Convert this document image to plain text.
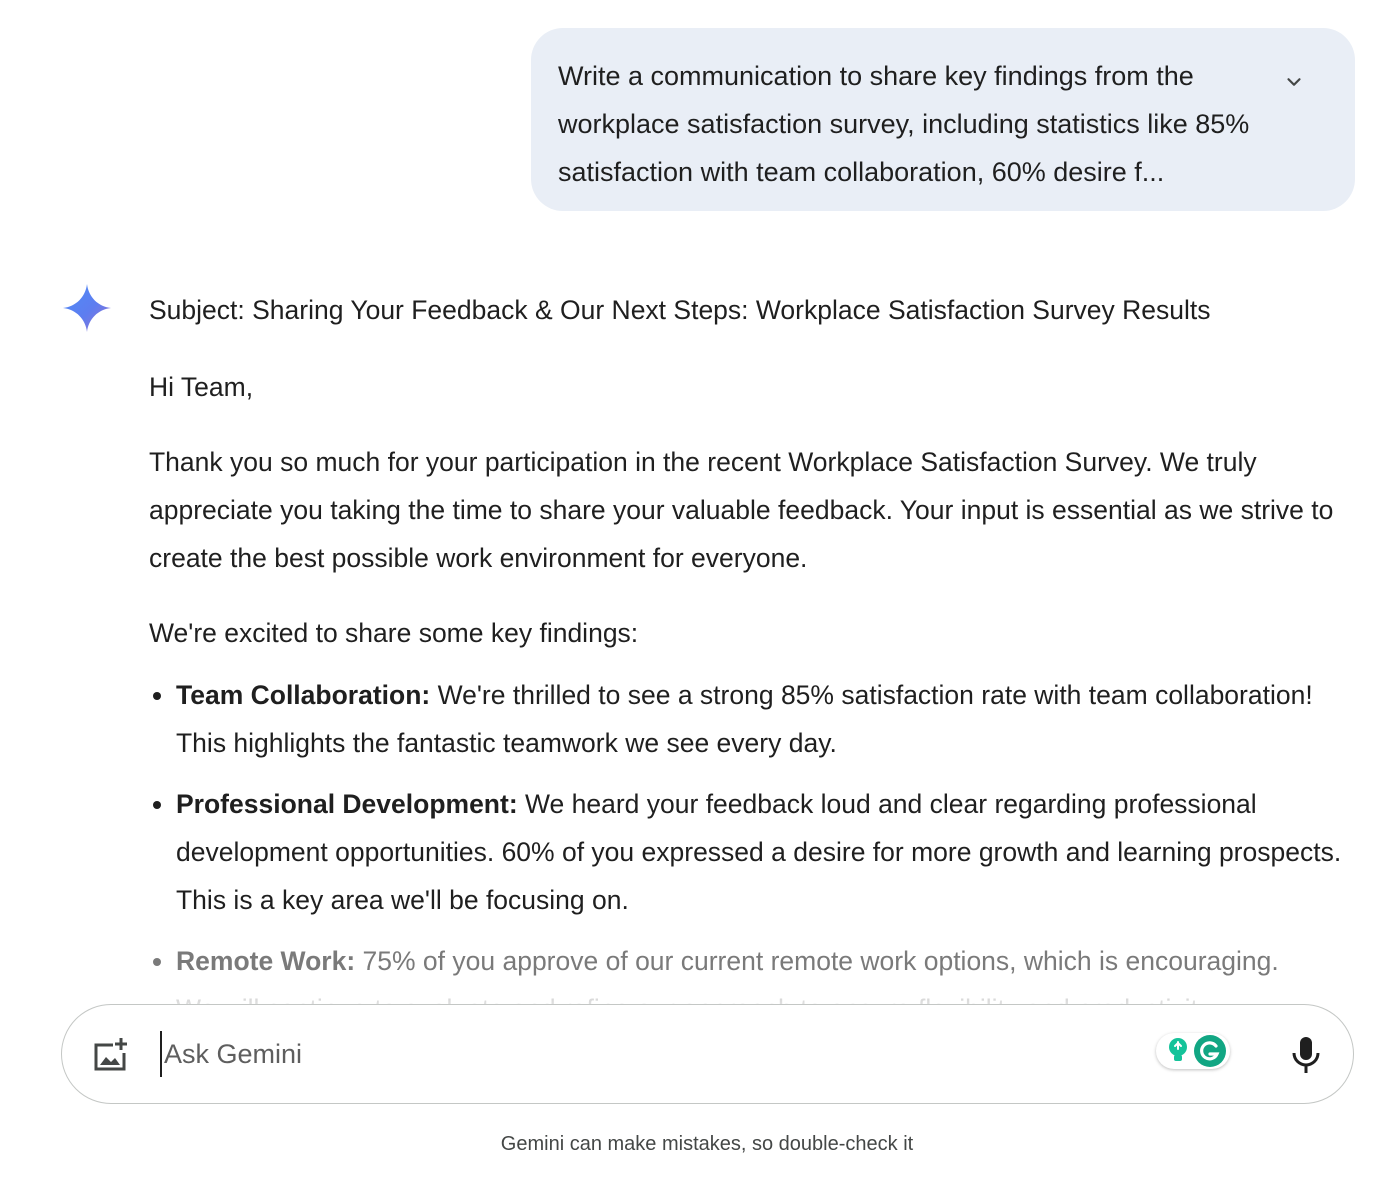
Write a communication to share key findings from the workplace satisfaction survey, including statistics like 85% satisfaction with team collaboration, 60% desire f...

Subject: Sharing Your Feedback & Our Next Steps: Workplace Satisfaction Survey Results

Hi Team,

Thank you so much for your participation in the recent Workplace Satisfaction Survey. We truly appreciate you taking the time to share your valuable feedback. Your input is essential as we strive to create the best possible work environment for everyone.

We're excited to share some key findings:

Team Collaboration: We're thrilled to see a strong 85% satisfaction rate with team collaboration! This highlights the fantastic teamwork we see every day.
Professional Development: We heard your feedback loud and clear regarding professional development opportunities. 60% of you expressed a desire for more growth and learning prospects. This is a key area we'll be focusing on.
Remote Work: 75% of you approve of our current remote work options, which is encouraging.
Ask Gemini
Gemini can make mistakes, so double-check it
